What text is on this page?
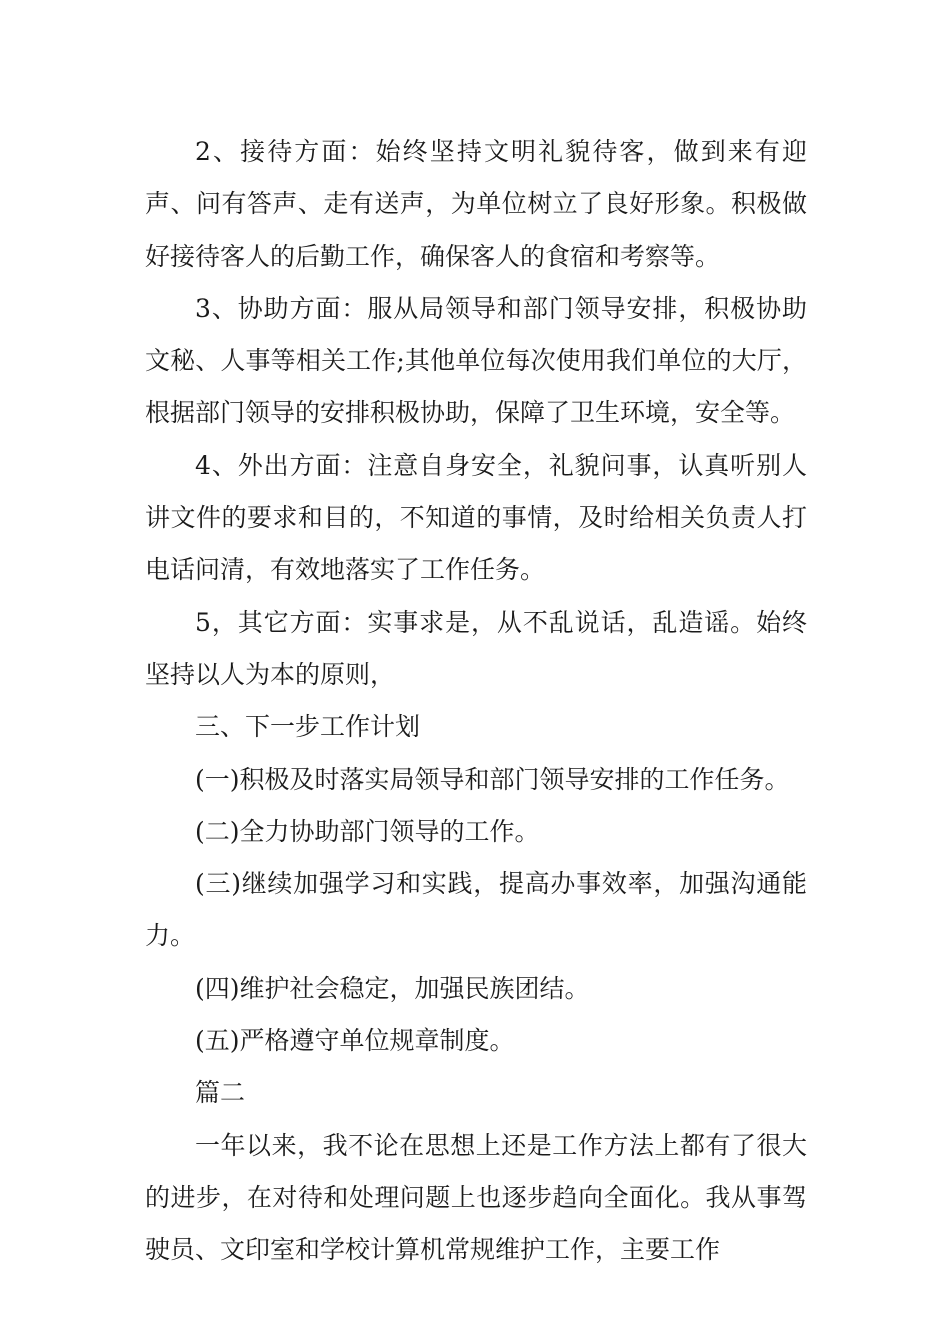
2、接待方面：始终坚持文明礼貌待客，做到来有迎声、问有答声、走有送声，为单位树立了良好形象。积极做好接待客人的后勤工作，确保客人的食宿和考察等。

3、协助方面：服从局领导和部门领导安排，积极协助文秘、人事等相关工作;其他单位每次使用我们单位的大厅，根据部门领导的安排积极协助，保障了卫生环境，安全等。

4、外出方面：注意自身安全，礼貌问事，认真听别人讲文件的要求和目的，不知道的事情，及时给相关负责人打电话问清，有效地落实了工作任务。

5，其它方面：实事求是，从不乱说话，乱造谣。始终坚持以人为本的原则，

三、下一步工作计划

(一)积极及时落实局领导和部门领导安排的工作任务。

(二)全力协助部门领导的工作。

(三)继续加强学习和实践，提高办事效率，加强沟通能力。

(四)维护社会稳定，加强民族团结。

(五)严格遵守单位规章制度。

篇二

一年以来，我不论在思想上还是工作方法上都有了很大的进步，在对待和处理问题上也逐步趋向全面化。我从事驾驶员、文印室和学校计算机常规维护工作，主要工作
